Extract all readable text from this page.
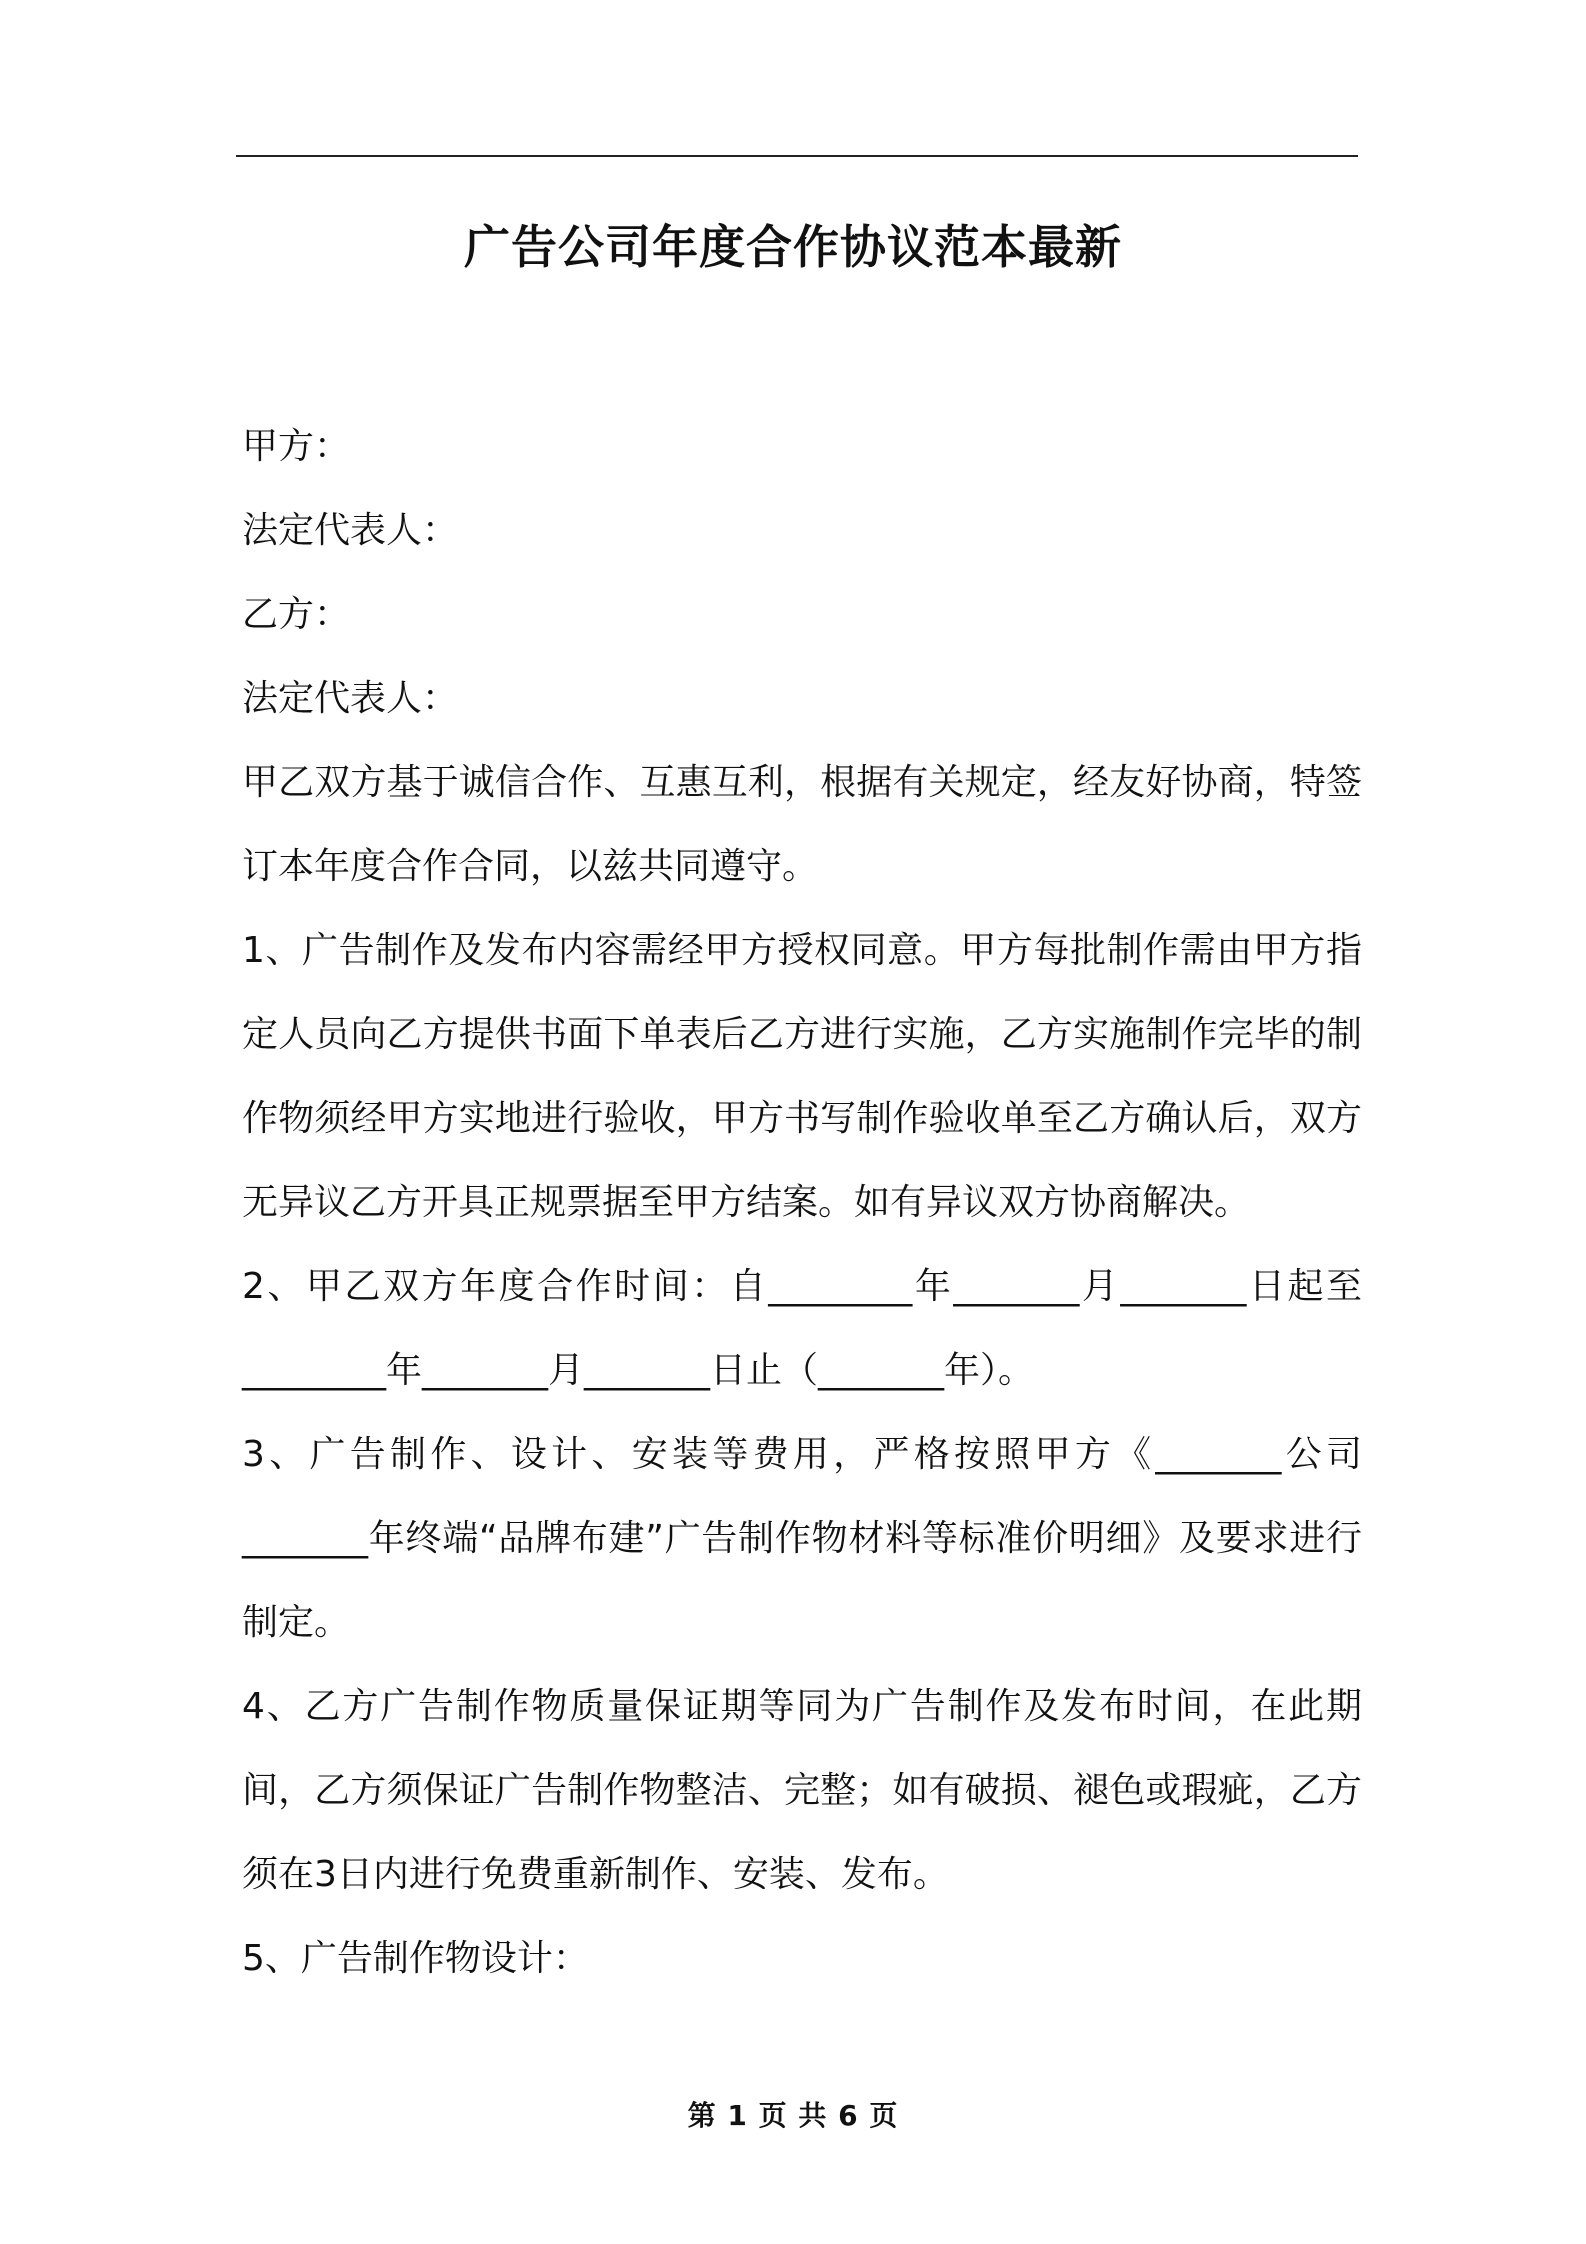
广告公司年度合作协议范本最新

甲方：

法定代表人：

乙方：

法定代表人：

甲乙双方基于诚信合作、互惠互利，根据有关规定，经友好协商，特签订本年度合作合同，以兹共同遵守。

1、广告制作及发布内容需经甲方授权同意。甲方每批制作需由甲方指定人员向乙方提供书面下单表后乙方进行实施，乙方实施制作完毕的制作物须经甲方实地进行验收，甲方书写制作验收单至乙方确认后，双方无异议乙方开具正规票据至甲方结案。如有异议双方协商解决。

2、甲乙双方年度合作时间：自________年_______月_______日起至________年_______月_______日止（_______年）。

3、广告制作、设计、安装等费用，严格按照甲方《_______公司_______年终端“品牌布建”广告制作物材料等标准价明细》及要求进行制定。

4、乙方广告制作物质量保证期等同为广告制作及发布时间，在此期间，乙方须保证广告制作物整洁、完整；如有破损、褪色或瑕疵，乙方须在3日内进行免费重新制作、安装、发布。

5、广告制作物设计：

第 1 页 共 6 页
